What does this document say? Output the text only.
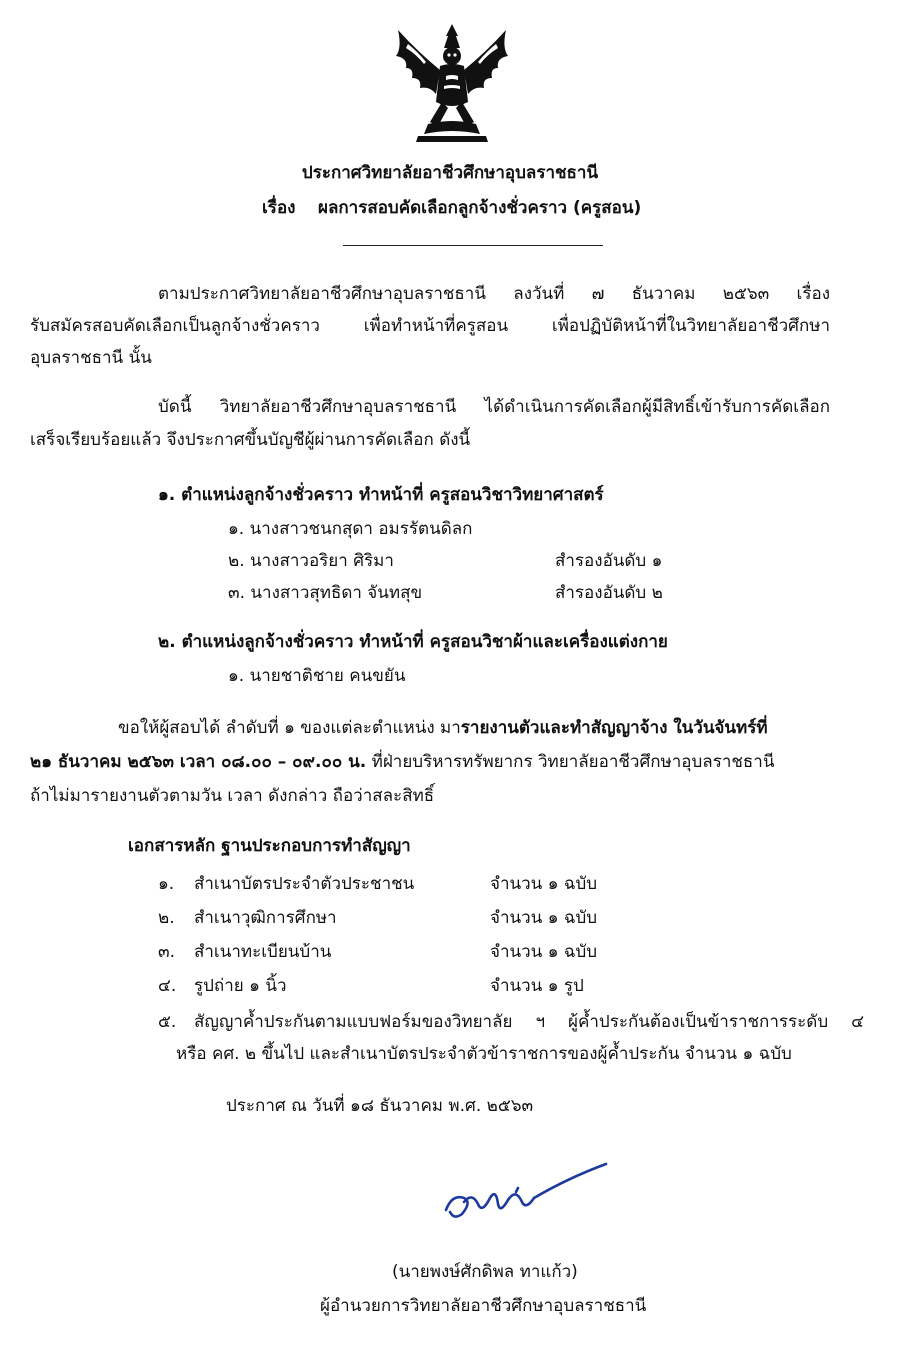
ประกาศวิทยาลัยอาชีวศึกษาอุบลราชธานี
เรื่อง ผลการสอบคัดเลือกลูกจ้างชั่วคราว (ครูสอน)
ตามประกาศวิทยาลัยอาชีวศึกษาอุบลราชธานี ลงวันที่ ๗ ธันวาคม ๒๕๖๓ เรื่อง
รับสมัครสอบคัดเลือกเป็นลูกจ้างชั่วคราว เพื่อทำหน้าที่ครูสอน เพื่อปฏิบัติหน้าที่ในวิทยาลัยอาชีวศึกษา
อุบลราชธานี นั้น
บัดนี้ วิทยาลัยอาชีวศึกษาอุบลราชธานี ได้ดำเนินการคัดเลือกผู้มีสิทธิ์เข้ารับการคัดเลือก
เสร็จเรียบร้อยแล้ว จึงประกาศขึ้นบัญชีผู้ผ่านการคัดเลือก ดังนี้
๑. ตำแหน่งลูกจ้างชั่วคราว ทำหน้าที่ ครูสอนวิชาวิทยาศาสตร์
๑. นางสาวชนกสุดา อมรรัตนดิลก
๒. นางสาวอริยา ศิริมา	สำรองอันดับ ๑
๓. นางสาวสุทธิดา จันทสุข	สำรองอันดับ ๒
๒. ตำแหน่งลูกจ้างชั่วคราว ทำหน้าที่ ครูสอนวิชาผ้าและเครื่องแต่งกาย
๑. นายชาติชาย คนขยัน
ขอให้ผู้สอบได้ ลำดับที่ ๑ ของแต่ละตำแหน่ง มารายงานตัวและทำสัญญาจ้าง ในวันจันทร์ที่
๒๑ ธันวาคม ๒๕๖๓ เวลา ๐๘.๐๐ – ๐๙.๐๐ น. ที่ฝ่ายบริหารทรัพยากร วิทยาลัยอาชีวศึกษาอุบลราชธานี
ถ้าไม่มารายงานตัวตามวัน เวลา ดังกล่าว ถือว่าสละสิทธิ์
เอกสารหลัก ฐานประกอบการทำสัญญา
๑. สำเนาบัตรประจำตัวประชาชน	จำนวน ๑ ฉบับ
๒. สำเนาวุฒิการศึกษา	จำนวน ๑ ฉบับ
๓. สำเนาทะเบียนบ้าน	จำนวน ๑ ฉบับ
๔. รูปถ่าย ๑ นิ้ว	จำนวน ๑ รูป
๕. สัญญาค้ำประกันตามแบบฟอร์มของวิทยาลัย ฯ ผู้ค้ำประกันต้องเป็นข้าราชการระดับ ๔
หรือ คศ. ๒ ขึ้นไป และสำเนาบัตรประจำตัวข้าราชการของผู้ค้ำประกัน จำนวน ๑ ฉบับ
ประกาศ ณ วันที่ ๑๘ ธันวาคม พ.ศ. ๒๕๖๓
(นายพงษ์ศักดิพล ทาแก้ว)
ผู้อำนวยการวิทยาลัยอาชีวศึกษาอุบลราชธานี
